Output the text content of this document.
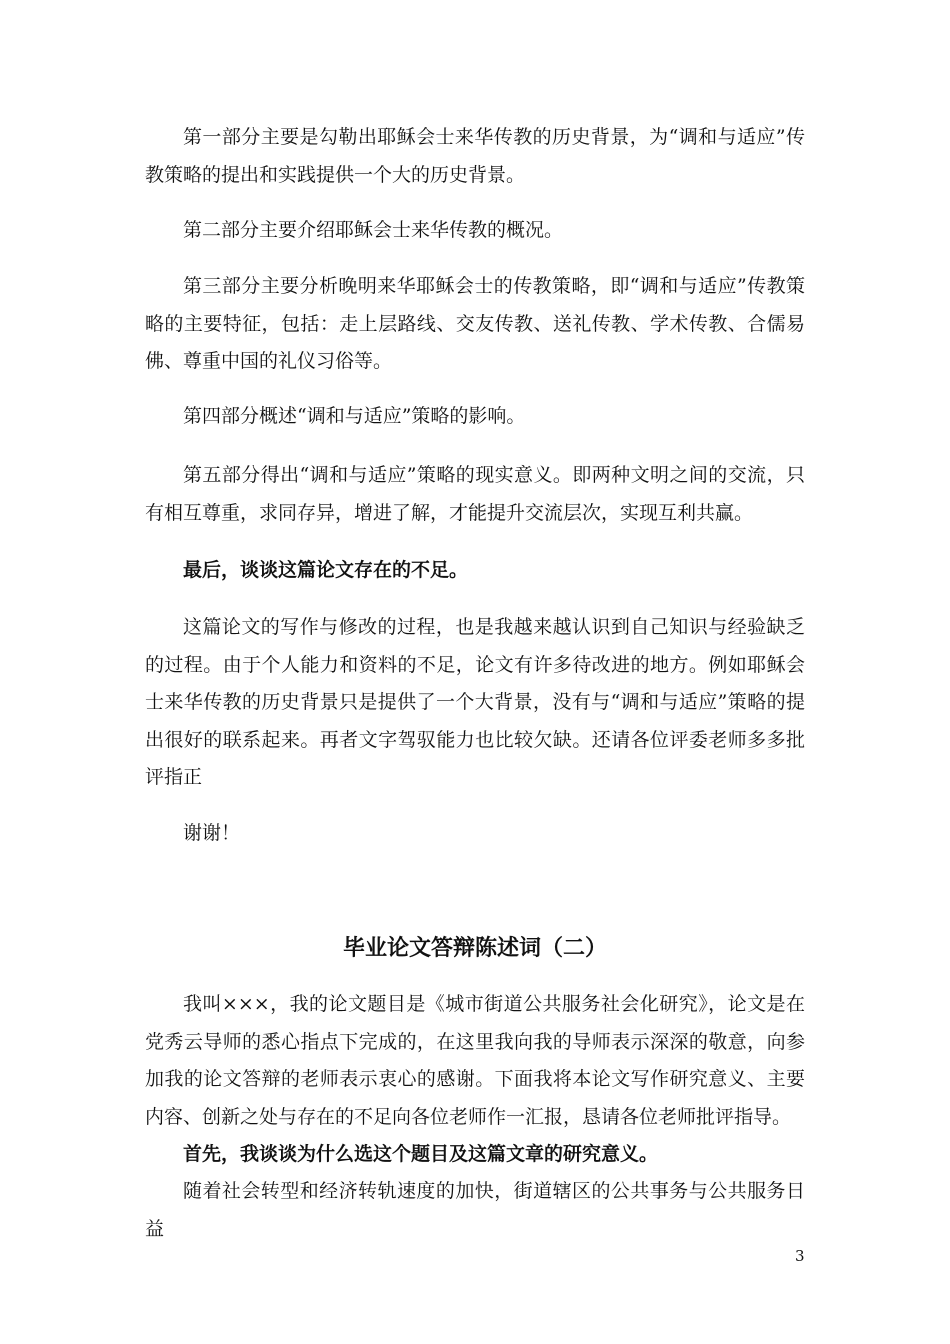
第一部分主要是勾勒出耶稣会士来华传教的历史背景，为“调和与适应”传教策略的提出和实践提供一个大的历史背景。

第二部分主要介绍耶稣会士来华传教的概况。

第三部分主要分析晚明来华耶稣会士的传教策略，即“调和与适应”传教策略的主要特征，包括：走上层路线、交友传教、送礼传教、学术传教、合儒易佛、尊重中国的礼仪习俗等。

第四部分概述“调和与适应”策略的影响。

第五部分得出“调和与适应”策略的现实意义。即两种文明之间的交流，只有相互尊重，求同存异，增进了解，才能提升交流层次，实现互利共赢。

最后，谈谈这篇论文存在的不足。

这篇论文的写作与修改的过程，也是我越来越认识到自己知识与经验缺乏的过程。由于个人能力和资料的不足，论文有许多待改进的地方。例如耶稣会士来华传教的历史背景只是提供了一个大背景，没有与“调和与适应”策略的提出很好的联系起来。再者文字驾驭能力也比较欠缺。还请各位评委老师多多批评指正

谢谢！

毕业论文答辩陈述词（二）

我叫×××，我的论文题目是《城市街道公共服务社会化研究》，论文是在党秀云导师的悉心指点下完成的，在这里我向我的导师表示深深的敬意，向参加我的论文答辩的老师表示衷心的感谢。下面我将本论文写作研究意义、主要内容、创新之处与存在的不足向各位老师作一汇报，恳请各位老师批评指导。

首先，我谈谈为什么选这个题目及这篇文章的研究意义。

随着社会转型和经济转轨速度的加快，街道辖区的公共事务与公共服务日益

3
